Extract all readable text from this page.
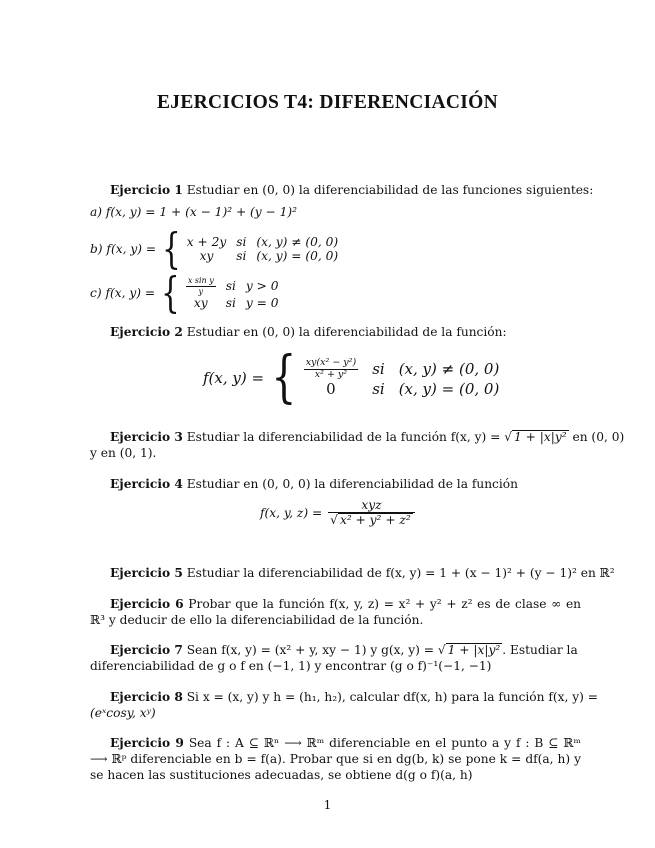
EJERCICIOS T4: DIFERENCIACIÓN
Ejercicio 1 Estudiar en (0, 0) la diferenciabilidad de las funciones siguientes:
a) f(x, y) = 1 + (x − 1)² + (y − 1)²
b) f(x, y) = { x + 2y si (x, y) ≠ (0, 0)
xy	si (x, y) = (0, 0)
c) f(x, y) = { $\frac{\text{x sin y}}{y}$ si y > 0
xy	si y = 0
Ejercicio 2 Estudiar en (0, 0) la diferenciabilidad de la función:
f(x, y) = { $\frac{\text{xy(x² − y²)}}{\text{x² + y²}}$ si (x, y) ≠ (0, 0)
0	si (x, y) = (0, 0)
Ejercicio 3 Estudiar la diferenciabilidad de la función f(x, y) = √ 1 + |x|y² en (0, 0)
y en (0, 1).
Ejercicio 4 Estudiar en (0, 0, 0) la diferenciabilidad de la función
f(x, y, $z) = \frac{\text{xyz}}{\text{√ x² + y² + z²}}$
Ejercicio 5 Estudiar la diferenciabilidad de f(x, y) = 1 + (x − 1)² + (y − 1)² en ℝ²
Ejercicio 6 Probar que la función f(x, y, z) = x² + y² + z² es de clase ∞ en ℝ³ y deducir de ello la diferenciabilidad de la función.
Ejercicio 7 Sean f(x, y) = (x² + y, xy − 1) y g(x, y) = √ 1 + |x|y² . Estudiar la
diferenciabilidad de g o f en (−1, 1) y encontrar (g o f)⁻¹(−1, −1)
Ejercicio 8 Si x = (x, y) y h = (h₁, h₂), calcular df(x, h) para la función f(x, y) =
(eˣcosy, xʸ)
Ejercicio 9 Sea f : A ⊆ ℝⁿ ⟶ ℝᵐ diferenciable en el punto a y f : B ⊆ ℝᵐ ⟶ ℝᵖ diferenciable en b = f(a). Probar que si en dg(b, k) se pone k = df(a, h) y se hacen las sustituciones adecuadas, se obtiene d(g o f)(a, h)
1
